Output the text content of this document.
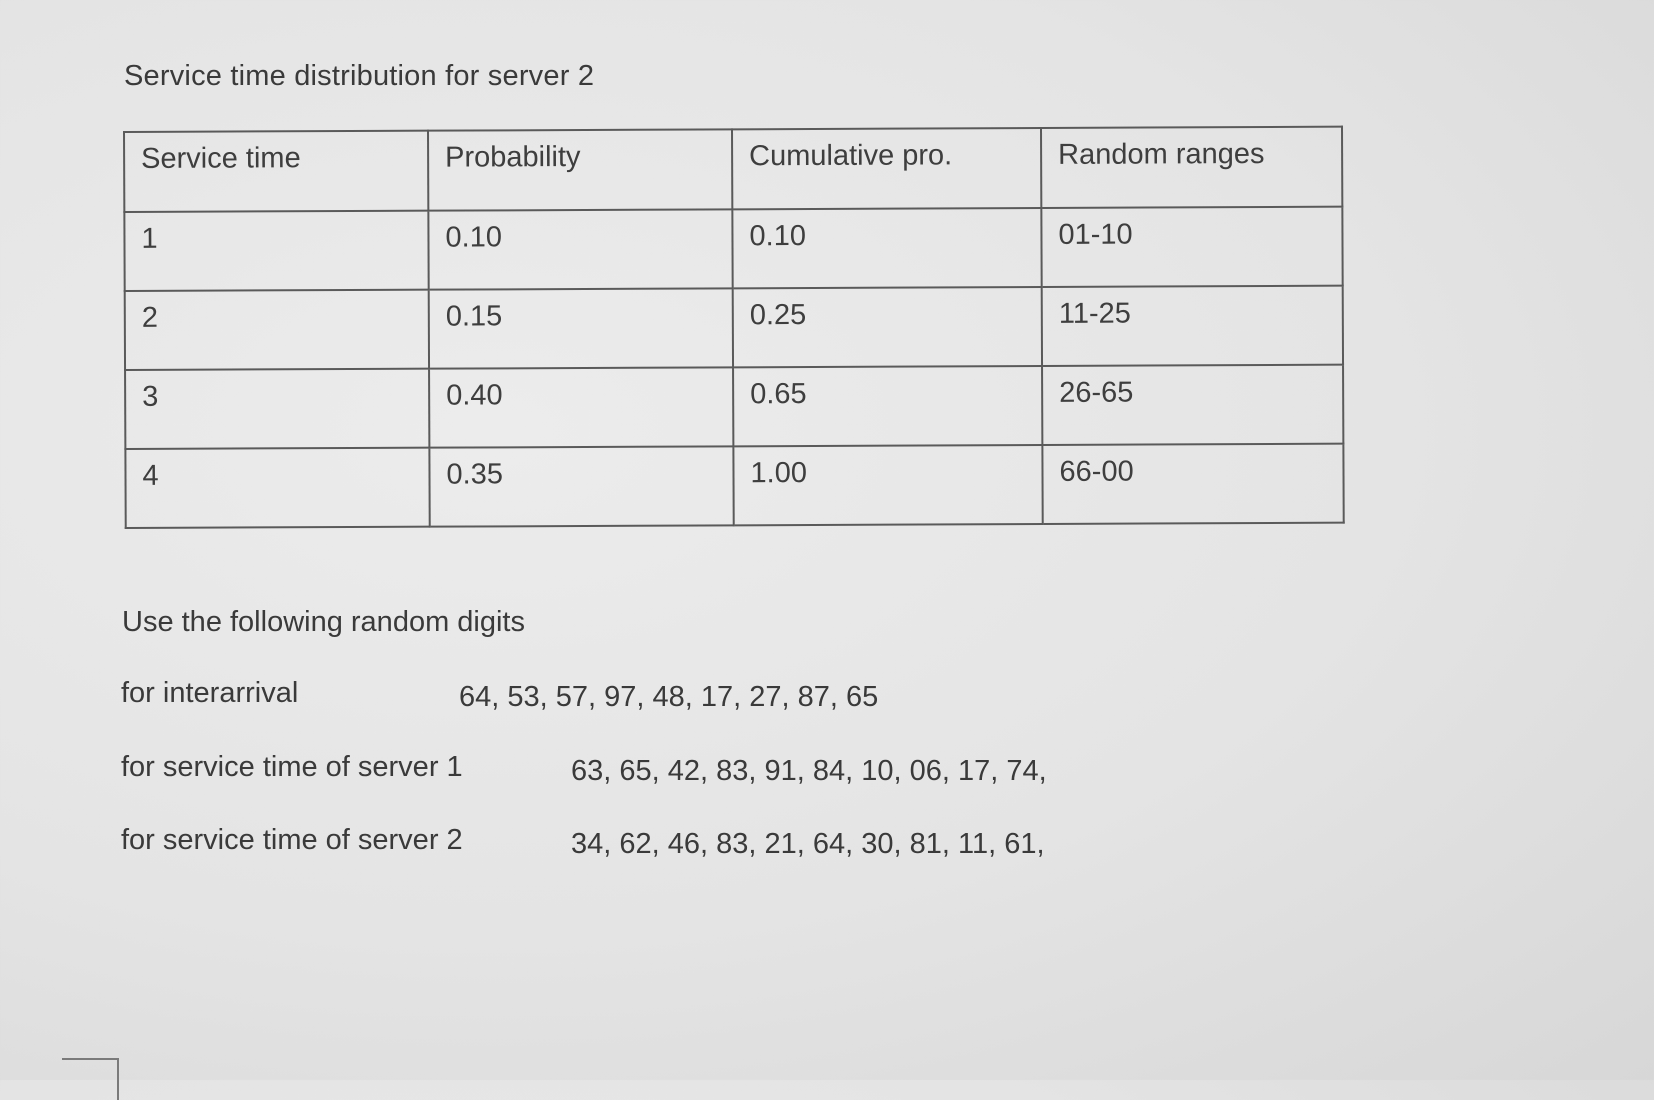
Service time distribution for server 2
Service time	Probability	Cumulative pro.	Random ranges
1	0.10	0.10	01-10
2	0.15	0.25	11-25
3	0.40	0.65	26-65
4	0.35	1.00	66-00

Use the following random digits

for interarrival	64, 53, 57, 97, 48, 17, 27, 87, 65
for service time of server 1	63, 65, 42, 83, 91, 84, 10, 06, 17, 74,
for service time of server 2	34, 62, 46, 83, 21, 64, 30, 81, 11, 61,
